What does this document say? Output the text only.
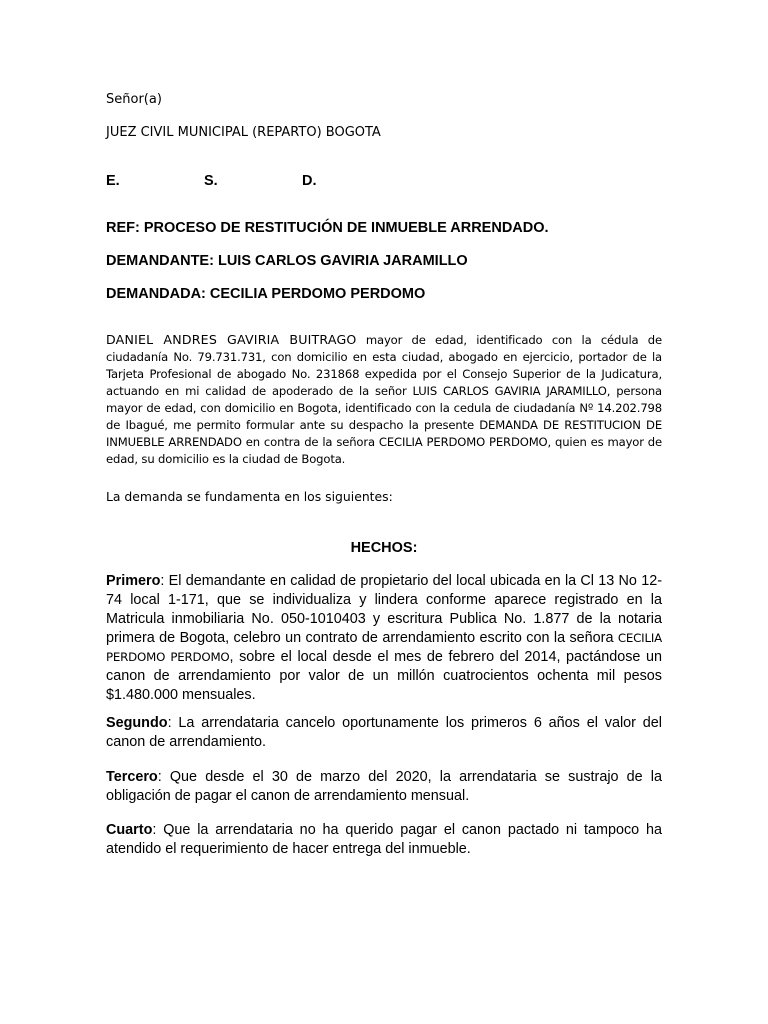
Señor(a)
JUEZ CIVIL MUNICIPAL (REPARTO) BOGOTA
E.	S.	D.
REF: PROCESO DE RESTITUCIÓN DE INMUEBLE ARRENDADO.
DEMANDANTE: LUIS CARLOS GAVIRIA JARAMILLO
DEMANDADA: CECILIA PERDOMO PERDOMO
DANIEL ANDRES GAVIRIA BUITRAGO mayor de edad, identificado con la cédula de ciudadanía No. 79.731.731, con domicilio en esta ciudad, abogado en ejercicio, portador de la Tarjeta Profesional de abogado No. 231868 expedida por el Consejo Superior de la Judicatura, actuando en mi calidad de apoderado de la señor LUIS CARLOS GAVIRIA JARAMILLO, persona mayor de edad, con domicilio en Bogota, identificado con la cedula de ciudadanía Nº 14.202.798 de Ibagué, me permito formular ante su despacho la presente DEMANDA DE RESTITUCION DE INMUEBLE ARRENDADO en contra de la señora CECILIA PERDOMO PERDOMO, quien es mayor de edad, su domicilio es la ciudad de Bogota.
La demanda se fundamenta en los siguientes:
HECHOS:
Primero: El demandante en calidad de propietario del local ubicada en la Cl 13 No 12-74 local 1-171, que se individualiza y lindera conforme aparece registrado en la Matricula inmobiliaria No. 050-1010403 y escritura Publica No. 1.877 de la notaria primera de Bogota, celebro un contrato de arrendamiento escrito con la señora CECILIA PERDOMO PERDOMO, sobre el local desde el mes de febrero del 2014, pactándose un canon de arrendamiento por valor de un millón cuatrocientos ochenta mil pesos $1.480.000 mensuales.
Segundo: La arrendataria cancelo oportunamente los primeros 6 años el valor del canon de arrendamiento.
Tercero: Que desde el 30 de marzo del 2020, la arrendataria se sustrajo de la obligación de pagar el canon de arrendamiento mensual.
Cuarto: Que la arrendataria no ha querido pagar el canon pactado ni tampoco ha atendido el requerimiento de hacer entrega del inmueble.
